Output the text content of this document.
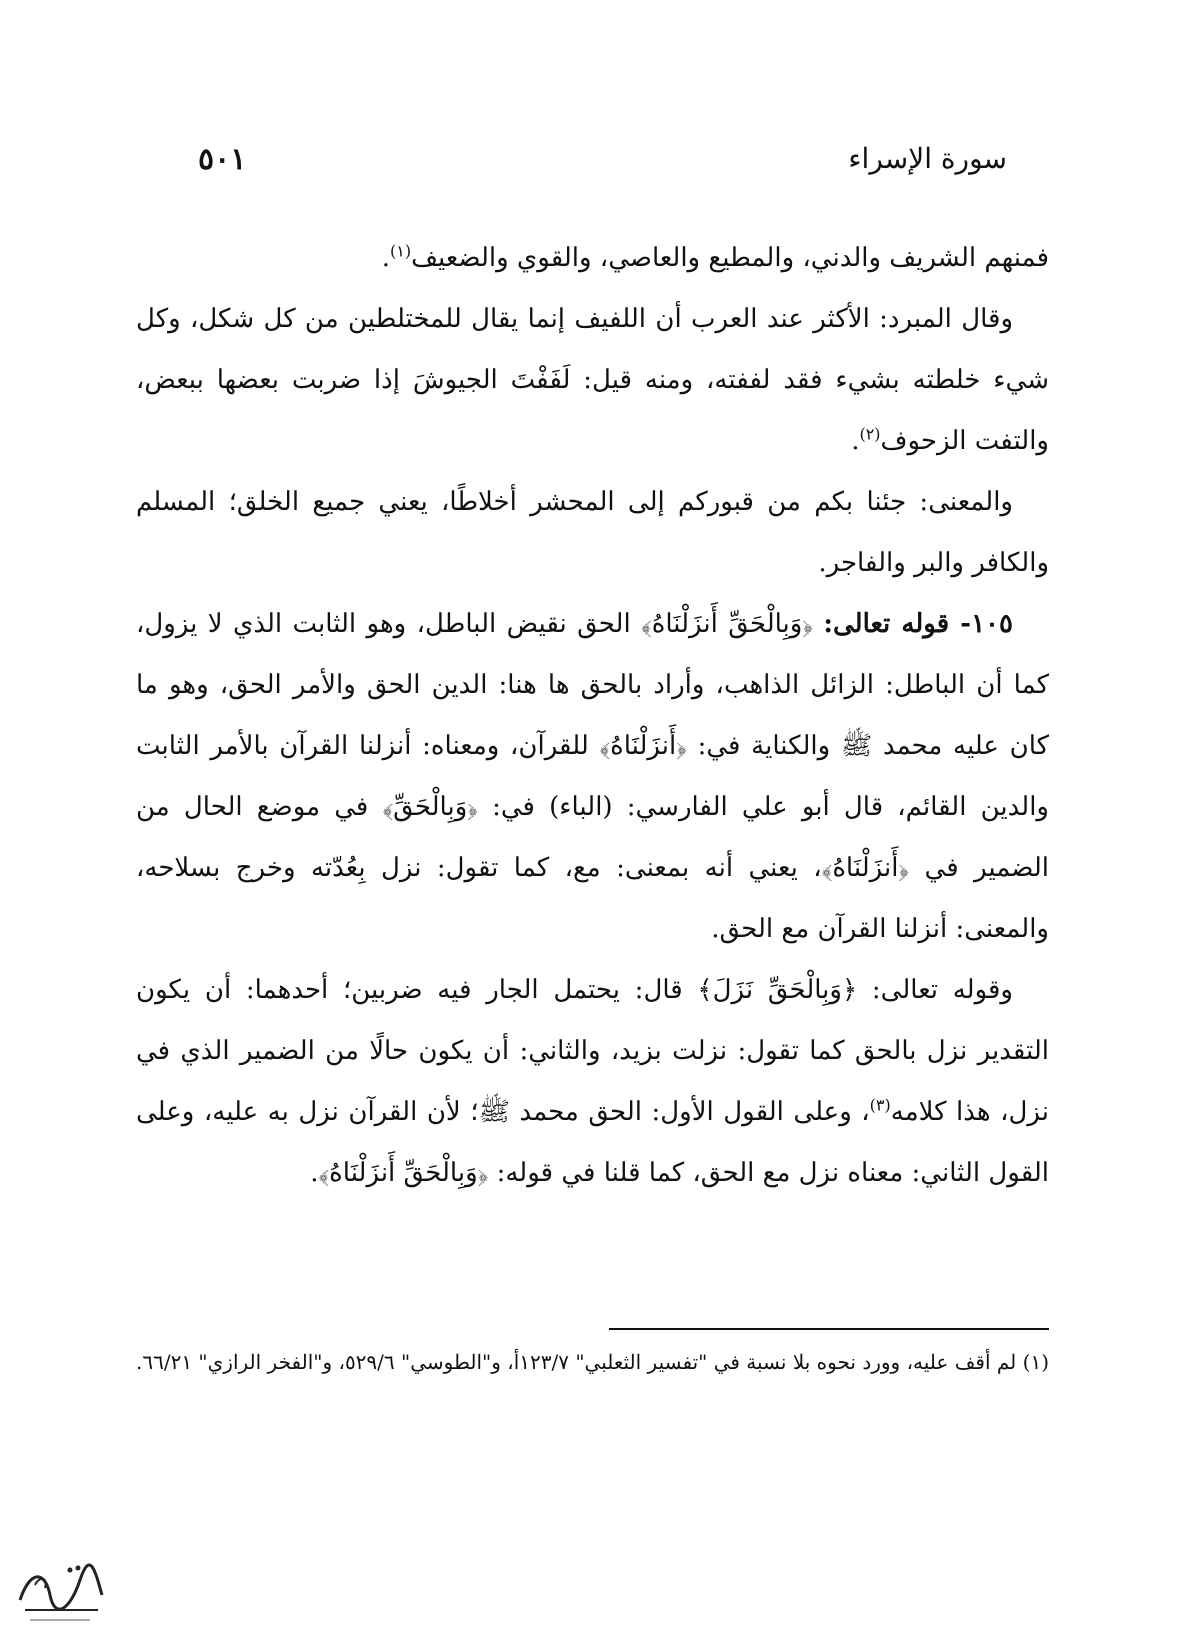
سورة الإسراء
٥٠١

فمنهم الشريف والدني، والمطيع والعاصي، والقوي والضعيف$^{(١)}$.

وقال المبرد: الأكثر عند العرب أن اللفيف إنما يقال للمختلطين من كل شكل، وكل شيء خلطته بشيء فقد لففته، ومنه قيل: لَفَفْتَ الجيوشَ إذا ضربت بعضها ببعض، والتفت الزحوف$^{(٢)}$.

والمعنى: جئنا بكم من قبوركم إلى المحشر أخلاطًا، يعني جميع الخلق؛ المسلم والكافر والبر والفاجر.

١٠٥- قوله تعالى: ﴿وَبِالْحَقِّ أَنزَلْنَاهُ﴾ الحق نقيض الباطل، وهو الثابت الذي لا يزول، كما أن الباطل: الزائل الذاهب، وأراد بالحق ها هنا: الدين الحق والأمر الحق، وهو ما كان عليه محمد ﷺ والكناية في: ﴿أَنزَلْنَاهُ﴾ للقرآن، ومعناه: أنزلنا القرآن بالأمر الثابت والدين القائم، قال أبو علي الفارسي: (الباء) في: ﴿وَبِالْحَقِّ﴾ في موضع الحال من الضمير في ﴿أَنزَلْنَاهُ﴾، يعني أنه بمعنى: مع، كما تقول: نزل بِعُدّته وخرج بسلاحه، والمعنى: أنزلنا القرآن مع الحق.

وقوله تعالى: ﴿وَبِالْحَقِّ نَزَلَ﴾ قال: يحتمل الجار فيه ضربين؛ أحدهما: أن يكون التقدير نزل بالحق كما تقول: نزلت بزيد، والثاني: أن يكون حالًا من الضمير الذي في نزل، هذا كلامه$^{(٣)}$، وعلى القول الأول: الحق محمد ﷺ؛ لأن القرآن نزل به عليه، وعلى القول الثاني: معناه نزل مع الحق، كما قلنا في قوله: ﴿وَبِالْحَقِّ أَنزَلْنَاهُ﴾.

(١) لم أقف عليه، وورد نحوه بلا نسبة في "تفسير الثعلبي" ١٢٣/٧أ، و"الطوسي" ٥٢٩/٦، و"الفخر الرازي" ٦٦/٢١.
